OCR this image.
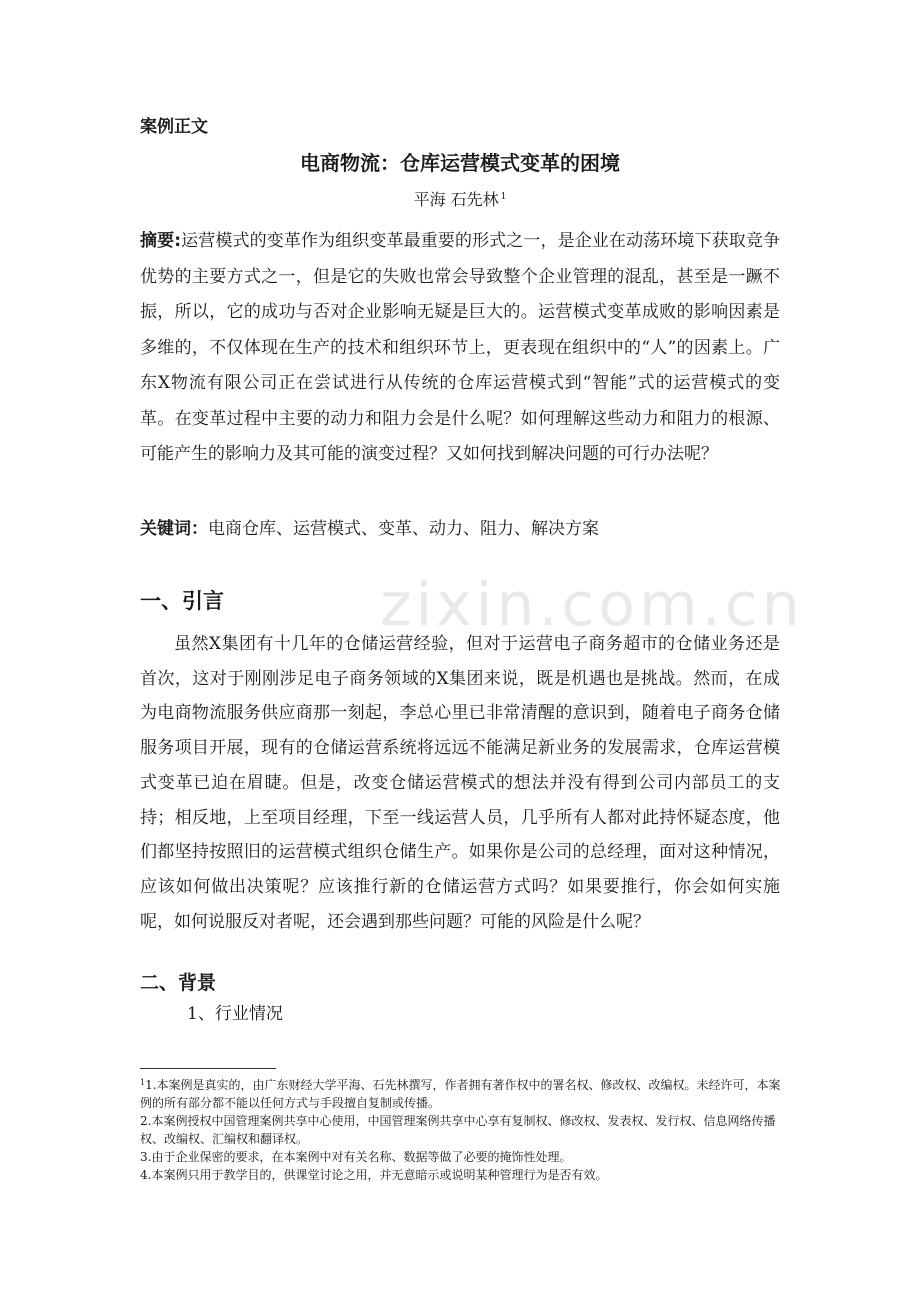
zixin.com.cn
案例正文
电商物流：仓库运营模式变革的困境
平海 石先林 $^1$
摘要:运营模式的变革作为组织变革最重要的形式之一，是企业在动荡环境下获取竞争优势的主要方式之一，但是它的失败也常会导致整个企业管理的混乱，甚至是一蹶不振，所以，它的成功与否对企业影响无疑是巨大的。运营模式变革成败的影响因素是多维的，不仅体现在生产的技术和组织环节上，更表现在组织中的“人”的因素上。广东X物流有限公司正在尝试进行从传统的仓库运营模式到“智能”式的运营模式的变革。在变革过程中主要的动力和阻力会是什么呢？如何理解这些动力和阻力的根源、可能产生的影响力及其可能的演变过程？又如何找到解决问题的可行办法呢？
关键词：电商仓库、运营模式、变革、动力、阻力、解决方案
一、引言
虽然X集团有十几年的仓储运营经验，但对于运营电子商务超市的仓储业务还是首次，这对于刚刚涉足电子商务领域的X集团来说，既是机遇也是挑战。然而，在成为电商物流服务供应商那一刻起，李总心里已非常清醒的意识到，随着电子商务仓储服务项目开展，现有的仓储运营系统将远远不能满足新业务的发展需求，仓库运营模式变革已迫在眉睫。但是，改变仓储运营模式的想法并没有得到公司内部员工的支持；相反地，上至项目经理，下至一线运营人员，几乎所有人都对此持怀疑态度，他们都坚持按照旧的运营模式组织仓储生产。如果你是公司的总经理，面对这种情况，应该如何做出决策呢？应该推行新的仓储运营方式吗？如果要推行，你会如何实施呢，如何说服反对者呢，还会遇到那些问题？可能的风险是什么呢？
二、背景
1、行业情况

$^1$1.本案例是真实的，由广东财经大学平海、石先林撰写，作者拥有著作权中的署名权、修改权、改编权。未经许可，本案例的所有部分都不能以任何方式与手段擅自复制或传播。

2.本案例授权中国管理案例共享中心使用，中国管理案例共享中心享有复制权、修改权、发表权、发行权、信息网络传播权、改编权、汇编权和翻译权。

3.由于企业保密的要求，在本案例中对有关名称、数据等做了必要的掩饰性处理。

4.本案例只用于教学目的，供课堂讨论之用，并无意暗示或说明某种管理行为是否有效。
